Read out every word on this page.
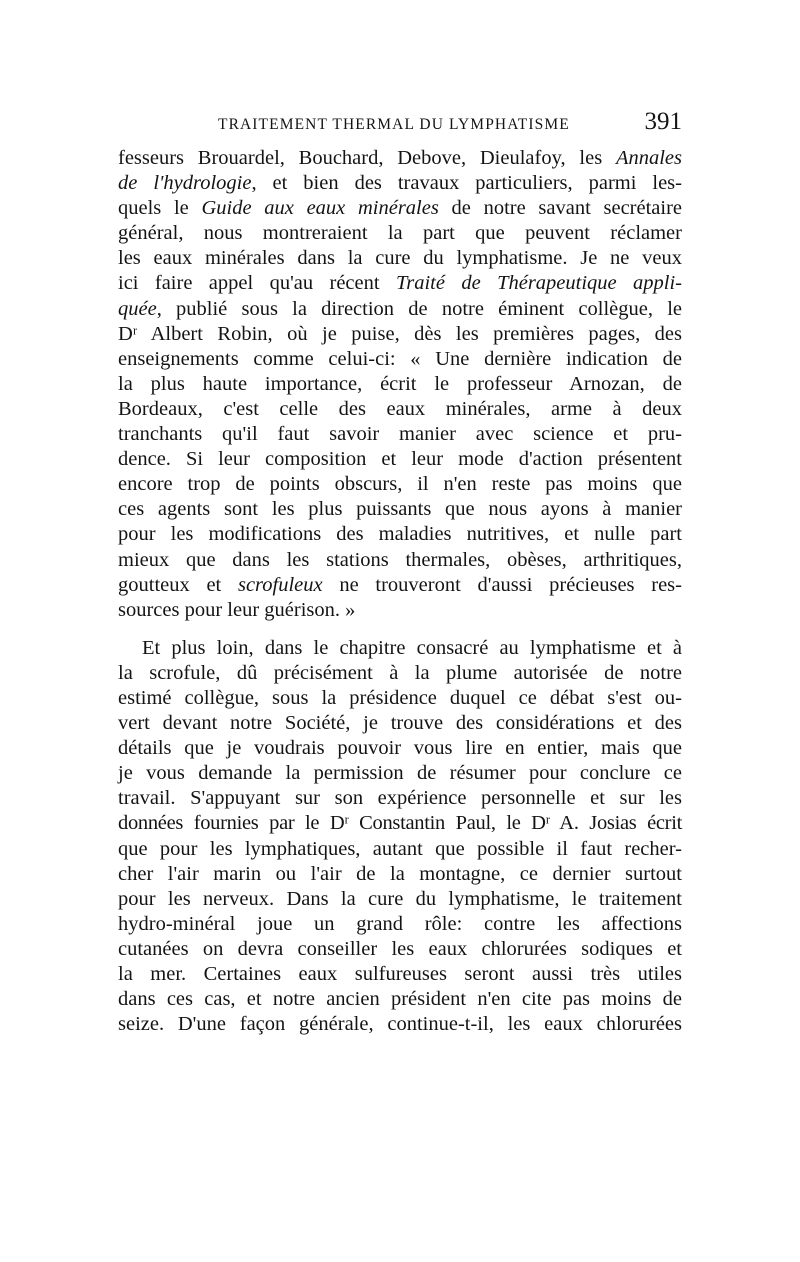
TRAITEMENT THERMAL DU LYMPHATISME	391
fesseurs Brouardel, Bouchard, Debove, Dieulafoy, les Annales
de l'hydrologie, et bien des travaux particuliers, parmi les-
quels le Guide aux eaux minérales de notre savant secrétaire
général, nous montreraient la part que peuvent réclamer
les eaux minérales dans la cure du lymphatisme. Je ne veux
ici faire appel qu'au récent Traité de Thérapeutique appli-
quée, publié sous la direction de notre éminent collègue, le
Dʳ Albert Robin, où je puise, dès les premières pages, des
enseignements comme celui-ci: « Une dernière indication de
la plus haute importance, écrit le professeur Arnozan, de
Bordeaux, c'est celle des eaux minérales, arme à deux
tranchants qu'il faut savoir manier avec science et pru-
dence. Si leur composition et leur mode d'action présentent
encore trop de points obscurs, il n'en reste pas moins que
ces agents sont les plus puissants que nous ayons à manier
pour les modifications des maladies nutritives, et nulle part
mieux que dans les stations thermales, obèses, arthritiques,
goutteux et scrofuleux ne trouveront d'aussi précieuses res-
sources pour leur guérison. »
Et plus loin, dans le chapitre consacré au lymphatisme et à
la scrofule, dû précisément à la plume autorisée de notre
estimé collègue, sous la présidence duquel ce débat s'est ou-
vert devant notre Société, je trouve des considérations et des
détails que je voudrais pouvoir vous lire en entier, mais que
je vous demande la permission de résumer pour conclure ce
travail. S'appuyant sur son expérience personnelle et sur les
données fournies par le Dʳ Constantin Paul, le Dʳ A. Josias écrit
que pour les lymphatiques, autant que possible il faut recher-
cher l'air marin ou l'air de la montagne, ce dernier surtout
pour les nerveux. Dans la cure du lymphatisme, le traitement
hydro-minéral joue un grand rôle: contre les affections
cutanées on devra conseiller les eaux chlorurées sodiques et
la mer. Certaines eaux sulfureuses seront aussi très utiles
dans ces cas, et notre ancien président n'en cite pas moins de
seize. D'une façon générale, continue-t-il, les eaux chlorurées
